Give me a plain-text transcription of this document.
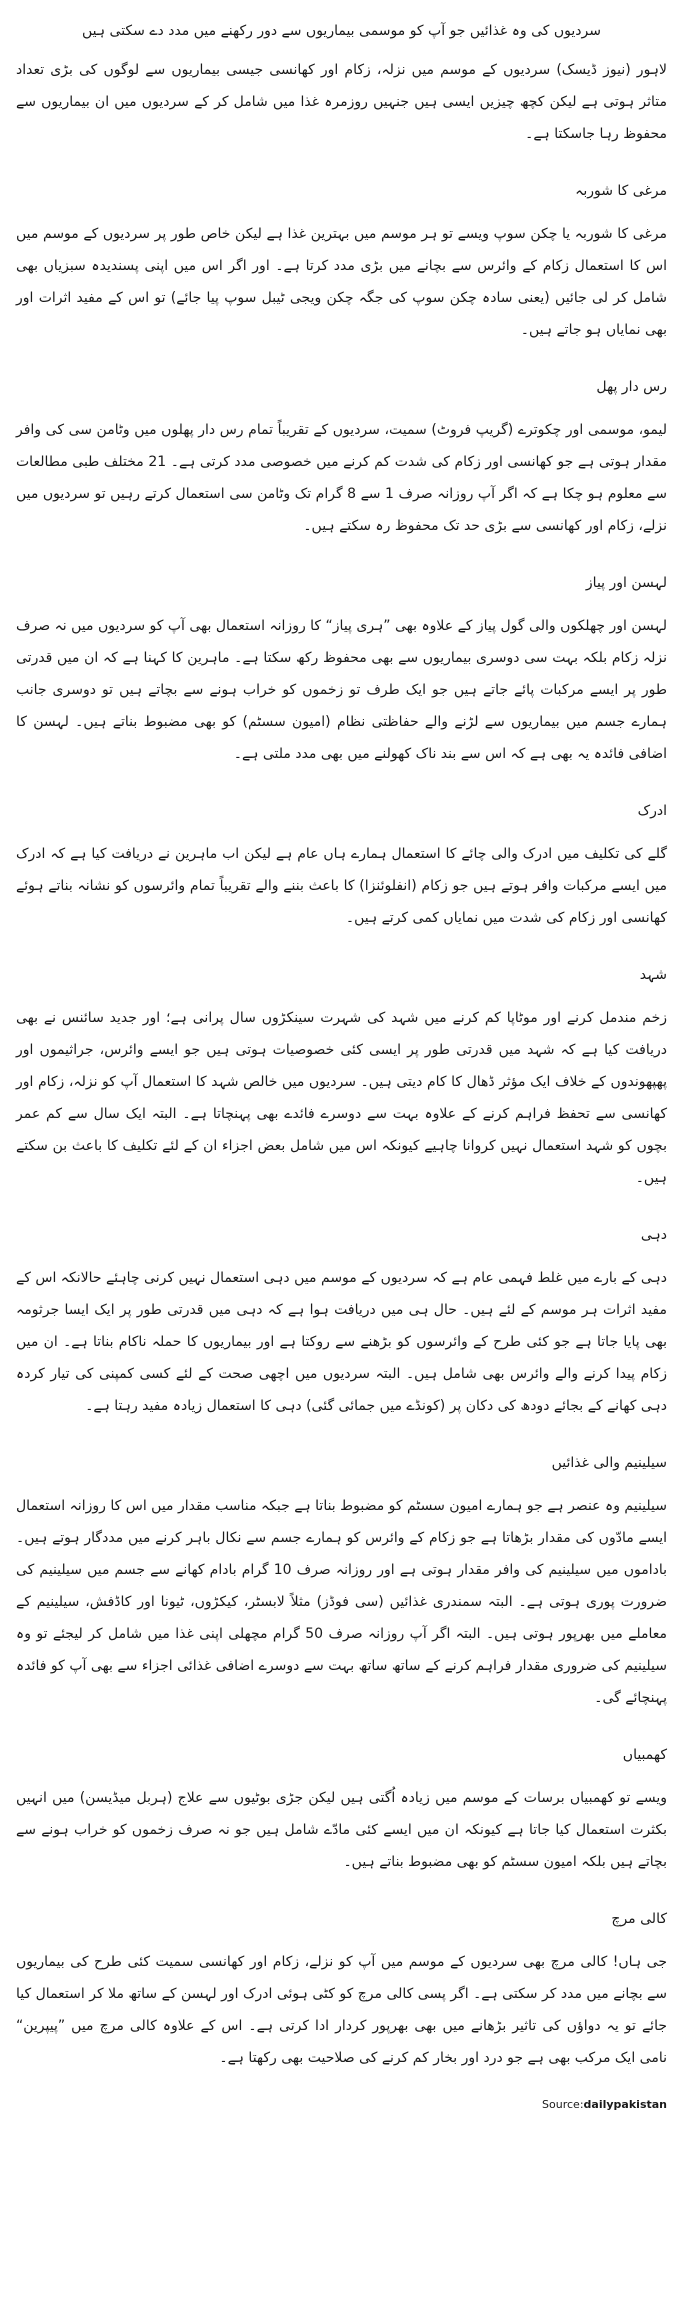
سردیوں کی وہ غذائیں جو آپ کو موسمی بیماریوں سے دور رکھنے میں مدد دے سکتی ہیں

لاہور (نیوز ڈیسک) سردیوں کے موسم میں نزلہ، زکام اور کھانسی جیسی بیماریوں سے لوگوں کی بڑی تعداد متاثر ہوتی ہے لیکن کچھ چیزیں ایسی ہیں جنہیں روزمرہ غذا میں شامل کر کے سردیوں میں ان بیماریوں سے محفوظ رہا جاسکتا ہے۔

مرغی کا شوربہ

مرغی کا شوربہ یا چکن سوپ ویسے تو ہر موسم میں بہترین غذا ہے لیکن خاص طور پر سردیوں کے موسم میں اس کا استعمال زکام کے وائرس سے بچانے میں بڑی مدد کرتا ہے۔ اور اگر اس میں اپنی پسندیدہ سبزیاں بھی شامل کر لی جائیں (یعنی سادہ چکن سوپ کی جگہ چکن ویجی ٹیبل سوپ پیا جائے) تو اس کے مفید اثرات اور بھی نمایاں ہو جاتے ہیں۔

رس دار پھل

لیمو، موسمی اور چکوترے (گریپ فروٹ) سمیت، سردیوں کے تقریباً تمام رس دار پھلوں میں وٹامن سی کی وافر مقدار ہوتی ہے جو کھانسی اور زکام کی شدت کم کرنے میں خصوصی مدد کرتی ہے۔ 21 مختلف طبی مطالعات سے معلوم ہو چکا ہے کہ اگر آپ روزانہ صرف 1 سے 8 گرام تک وٹامن سی استعمال کرتے رہیں تو سردیوں میں نزلے، زکام اور کھانسی سے بڑی حد تک محفوظ رہ سکتے ہیں۔

لہسن اور پیاز

لہسن اور چھلکوں والی گول پیاز کے علاوہ بھی ”ہری پیاز“ کا روزانہ استعمال بھی آپ کو سردیوں میں نہ صرف نزلہ زکام بلکہ بہت سی دوسری بیماریوں سے بھی محفوظ رکھ سکتا ہے۔ ماہرین کا کہنا ہے کہ ان میں قدرتی طور پر ایسے مرکبات پائے جاتے ہیں جو ایک طرف تو زخموں کو خراب ہونے سے بچاتے ہیں تو دوسری جانب ہمارے جسم میں بیماریوں سے لڑنے والے حفاظتی نظام (امیون سسٹم) کو بھی مضبوط بناتے ہیں۔ لہسن کا اضافی فائدہ یہ بھی ہے کہ اس سے بند ناک کھولنے میں بھی مدد ملتی ہے۔

ادرک

گلے کی تکلیف میں ادرک والی چائے کا استعمال ہمارے ہاں عام ہے لیکن اب ماہرین نے دریافت کیا ہے کہ ادرک میں ایسے مرکبات وافر ہوتے ہیں جو زکام (انفلوئنزا) کا باعث بننے والے تقریباً تمام وائرسوں کو نشانہ بناتے ہوئے کھانسی اور زکام کی شدت میں نمایاں کمی کرتے ہیں۔

شہد

زخم مندمل کرنے اور موٹاپا کم کرنے میں شہد کی شہرت سینکڑوں سال پرانی ہے؛ اور جدید سائنس نے بھی دریافت کیا ہے کہ شہد میں قدرتی طور پر ایسی کئی خصوصیات ہوتی ہیں جو ایسے وائرس، جراثیموں اور پھپھوندوں کے خلاف ایک مؤثر ڈھال کا کام دیتی ہیں۔ سردیوں میں خالص شہد کا استعمال آپ کو نزلہ، زکام اور کھانسی سے تحفظ فراہم کرنے کے علاوہ بہت سے دوسرے فائدے بھی پہنچاتا ہے۔ البتہ ایک سال سے کم عمر بچوں کو شہد استعمال نہیں کروانا چاہیے کیونکہ اس میں شامل بعض اجزاء ان کے لئے تکلیف کا باعث بن سکتے ہیں۔

دہی

دہی کے بارے میں غلط فہمی عام ہے کہ سردیوں کے موسم میں دہی استعمال نہیں کرنی چاہئے حالانکہ اس کے مفید اثرات ہر موسم کے لئے ہیں۔ حال ہی میں دریافت ہوا ہے کہ دہی میں قدرتی طور پر ایک ایسا جرثومہ بھی پایا جاتا ہے جو کئی طرح کے وائرسوں کو بڑھنے سے روکتا ہے اور بیماریوں کا حملہ ناکام بناتا ہے۔ ان میں زکام پیدا کرنے والے وائرس بھی شامل ہیں۔ البتہ سردیوں میں اچھی صحت کے لئے کسی کمپنی کی تیار کردہ دہی کھانے کے بجائے دودھ کی دکان پر (کونڈے میں جمائی گئی) دہی کا استعمال زیادہ مفید رہتا ہے۔

سیلینیم والی غذائیں

سیلینیم وہ عنصر ہے جو ہمارے امیون سسٹم کو مضبوط بناتا ہے جبکہ مناسب مقدار میں اس کا روزانہ استعمال ایسے مادّوں کی مقدار بڑھاتا ہے جو زکام کے وائرس کو ہمارے جسم سے نکال باہر کرنے میں مددگار ہوتے ہیں۔ باداموں میں سیلینیم کی وافر مقدار ہوتی ہے اور روزانہ صرف 10 گرام بادام کھانے سے جسم میں سیلینیم کی ضرورت پوری ہوتی ہے۔ البتہ سمندری غذائیں (سی فوڈز) مثلاً لابسٹر، کیکڑوں، ٹیونا اور کاڈفش، سیلینیم کے معاملے میں بھرپور ہوتی ہیں۔ البتہ اگر آپ روزانہ صرف 50 گرام مچھلی اپنی غذا میں شامل کر لیجئے تو وہ سیلینیم کی ضروری مقدار فراہم کرنے کے ساتھ ساتھ بہت سے دوسرے اضافی غذائی اجزاء سے بھی آپ کو فائدہ پہنچائے گی۔

کھمبیاں

ویسے تو کھمبیاں برسات کے موسم میں زیادہ اُگتی ہیں لیکن جڑی بوٹیوں سے علاج (ہربل میڈیسن) میں انہیں بکثرت استعمال کیا جاتا ہے کیونکہ ان میں ایسے کئی مادّے شامل ہیں جو نہ صرف زخموں کو خراب ہونے سے بچاتے ہیں بلکہ امیون سسٹم کو بھی مضبوط بناتے ہیں۔

کالی مرچ

جی ہاں! کالی مرچ بھی سردیوں کے موسم میں آپ کو نزلے، زکام اور کھانسی سمیت کئی طرح کی بیماریوں سے بچانے میں مدد کر سکتی ہے۔ اگر پسی کالی مرچ کو کٹی ہوئی ادرک اور لہسن کے ساتھ ملا کر استعمال کیا جائے تو یہ دواؤں کی تاثیر بڑھانے میں بھی بھرپور کردار ادا کرتی ہے۔ اس کے علاوہ کالی مرچ میں ”پیپرین“ نامی ایک مرکب بھی ہے جو درد اور بخار کم کرنے کی صلاحیت بھی رکھتا ہے۔

Source:dailypakistan
